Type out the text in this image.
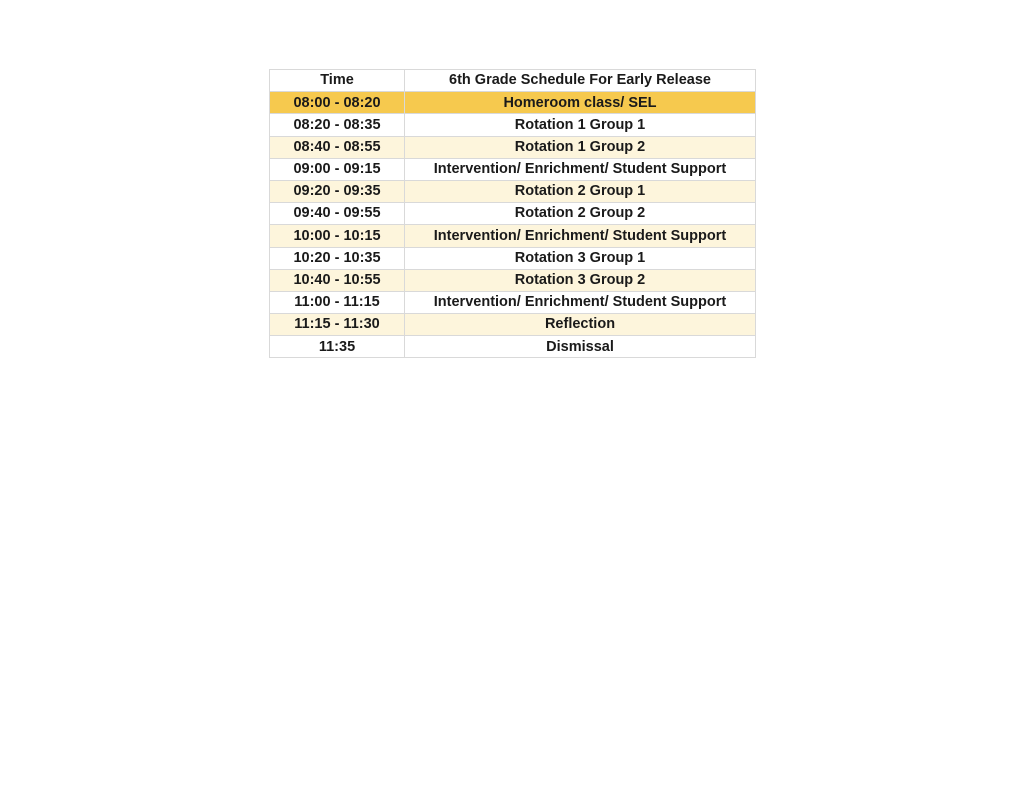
Time	6th Grade Schedule For Early Release
08:00 - 08:20	Homeroom class/ SEL
08:20 - 08:35	Rotation 1 Group 1
08:40 - 08:55	Rotation 1 Group 2
09:00 - 09:15	Intervention/ Enrichment/ Student Support
09:20 - 09:35	Rotation 2 Group 1
09:40 - 09:55	Rotation 2 Group 2
10:00 - 10:15	Intervention/ Enrichment/ Student Support
10:20 - 10:35	Rotation 3 Group 1
10:40 - 10:55	Rotation 3 Group 2
11:00 - 11:15	Intervention/ Enrichment/ Student Support
11:15 - 11:30	Reflection
11:35	Dismissal
